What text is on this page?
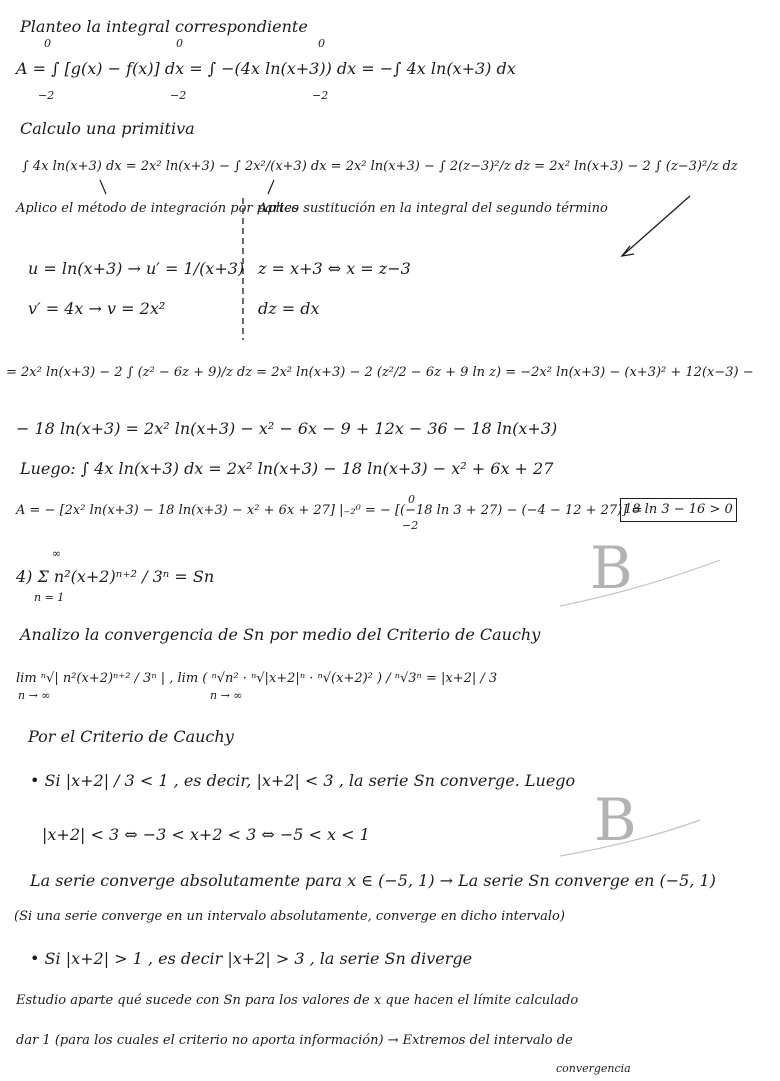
Planteo la integral correspondiente
A = ∫ [g(x) − f(x)] dx = ∫ −(4x ln(x+3)) dx = −∫ 4x ln(x+3) dx
0
−2
0
−2
0
−2
Calculo una primitiva
∫ 4x ln(x+3) dx = 2x² ln(x+3) − ∫ 2x²/(x+3) dx = 2x² ln(x+3) − ∫ 2(z−3)²/z dz = 2x² ln(x+3) − 2 ∫ (z−3)²/z dz
Aplico el método de integración por partes
Aplico sustitución en la integral del segundo término
u = ln(x+3) → u′ = 1/(x+3)
v′ = 4x → v = 2x²
z = x+3 ⇔ x = z−3
dz = dx
= 2x² ln(x+3) − 2 ∫ (z² − 6z + 9)/z dz = 2x² ln(x+3) − 2 (z²/2 − 6z + 9 ln z) = −2x² ln(x+3) − (x+3)² + 12(x−3) −
− 18 ln(x+3) = 2x² ln(x+3) − x² − 6x − 9 + 12x − 36 − 18 ln(x+3)
Luego: ∫ 4x ln(x+3) dx = 2x² ln(x+3) − 18 ln(x+3) − x² + 6x + 27
A = − [2x² ln(x+3) − 18 ln(x+3) − x² + 6x + 27] |₋₂⁰ = − [(−18 ln 3 + 27) − (−4 − 12 + 27)] =
18 ln 3 − 16 > 0
0
−2
4) Σ n²(x+2)ⁿ⁺² / 3ⁿ = Sn
∞
n = 1	B
Analizo la convergencia de Sn por medio del Criterio de Cauchy
lim ⁿ√| n²(x+2)ⁿ⁺² / 3ⁿ | , lim ( ⁿ√n² · ⁿ√|x+2|ⁿ · ⁿ√(x+2)² ) / ⁿ√3ⁿ = |x+2| / 3
n → ∞	n → ∞
Por el Criterio de Cauchy
• Si |x+2| / 3 < 1 , es decir, |x+2| < 3 , la serie Sn converge. Luego
|x+2| < 3 ⇔ −3 < x+2 < 3 ⇔ −5 < x < 1	B
La serie converge absolutamente para x ∈ (−5, 1) → La serie Sn converge en (−5, 1)
(Si una serie converge en un intervalo absolutamente, converge en dicho intervalo)
• Si |x+2| > 1 , es decir |x+2| > 3 , la serie Sn diverge
Estudio aparte qué sucede con Sn para los valores de x que hacen el límite calculado
dar 1 (para los cuales el criterio no aporta información) → Extremos del intervalo de
convergencia
